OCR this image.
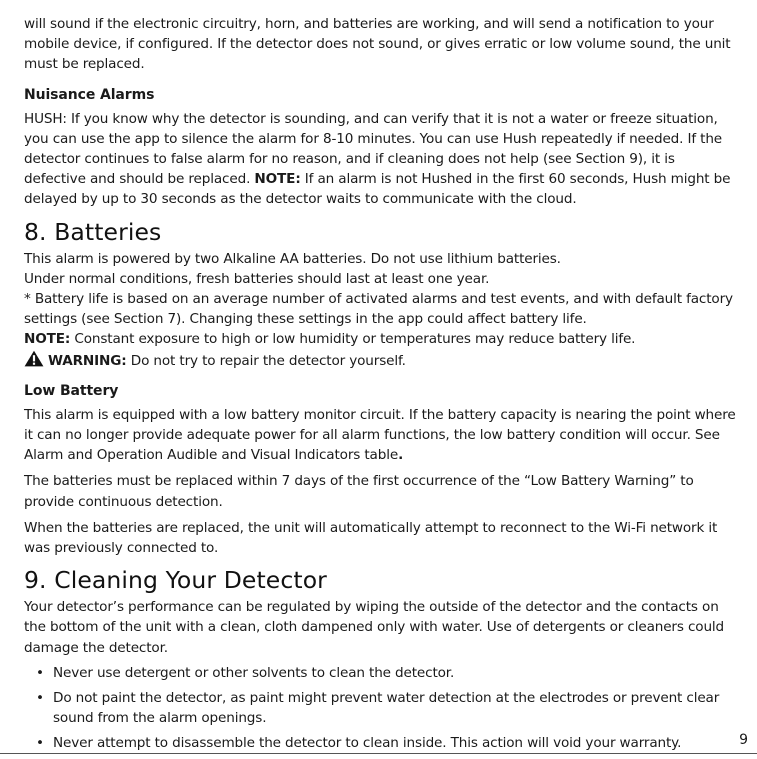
will sound if the electronic circuitry, horn, and batteries are working, and will send a notification to your mobile device, if configured. If the detector does not sound, or gives erratic or low volume sound, the unit must be replaced.

Nuisance Alarms

HUSH: If you know why the detector is sounding, and can verify that it is not a water or freeze situation, you can use the app to silence the alarm for 8-10 minutes. You can use Hush repeatedly if needed. If the detector continues to false alarm for no reason, and if cleaning does not help (see Section 9), it is defective and should be replaced. NOTE: If an alarm is not Hushed in the first 60 seconds, Hush might be delayed by up to 30 seconds as the detector waits to communicate with the cloud.

8. Batteries

This alarm is powered by two Alkaline AA batteries. Do not use lithium batteries.

Under normal conditions, fresh batteries should last at least one year.

* Battery life is based on an average number of activated alarms and test events, and with default factory settings (see Section 7). Changing these settings in the app could affect battery life.

NOTE: Constant exposure to high or low humidity or temperatures may reduce battery life.

WARNING: Do not try to repair the detector yourself.

Low Battery

This alarm is equipped with a low battery monitor circuit. If the battery capacity is nearing the point where it can no longer provide adequate power for all alarm functions, the low battery condition will occur. See Alarm and Operation Audible and Visual Indicators table.

The batteries must be replaced within 7 days of the first occurrence of the “Low Battery Warning” to provide continuous detection.

When the batteries are replaced, the unit will automatically attempt to reconnect to the Wi-Fi network it was previously connected to.

9. Cleaning Your Detector

Your detector’s performance can be regulated by wiping the outside of the detector and the contacts on the bottom of the unit with a clean, cloth dampened only with water. Use of detergents or cleaners could damage the detector.

• Never use detergent or other solvents to clean the detector.
• Do not paint the detector, as paint might prevent water detection at the electrodes or prevent clear sound from the alarm openings.
• Never attempt to disassemble the detector to clean inside. This action will void your warranty.	9
